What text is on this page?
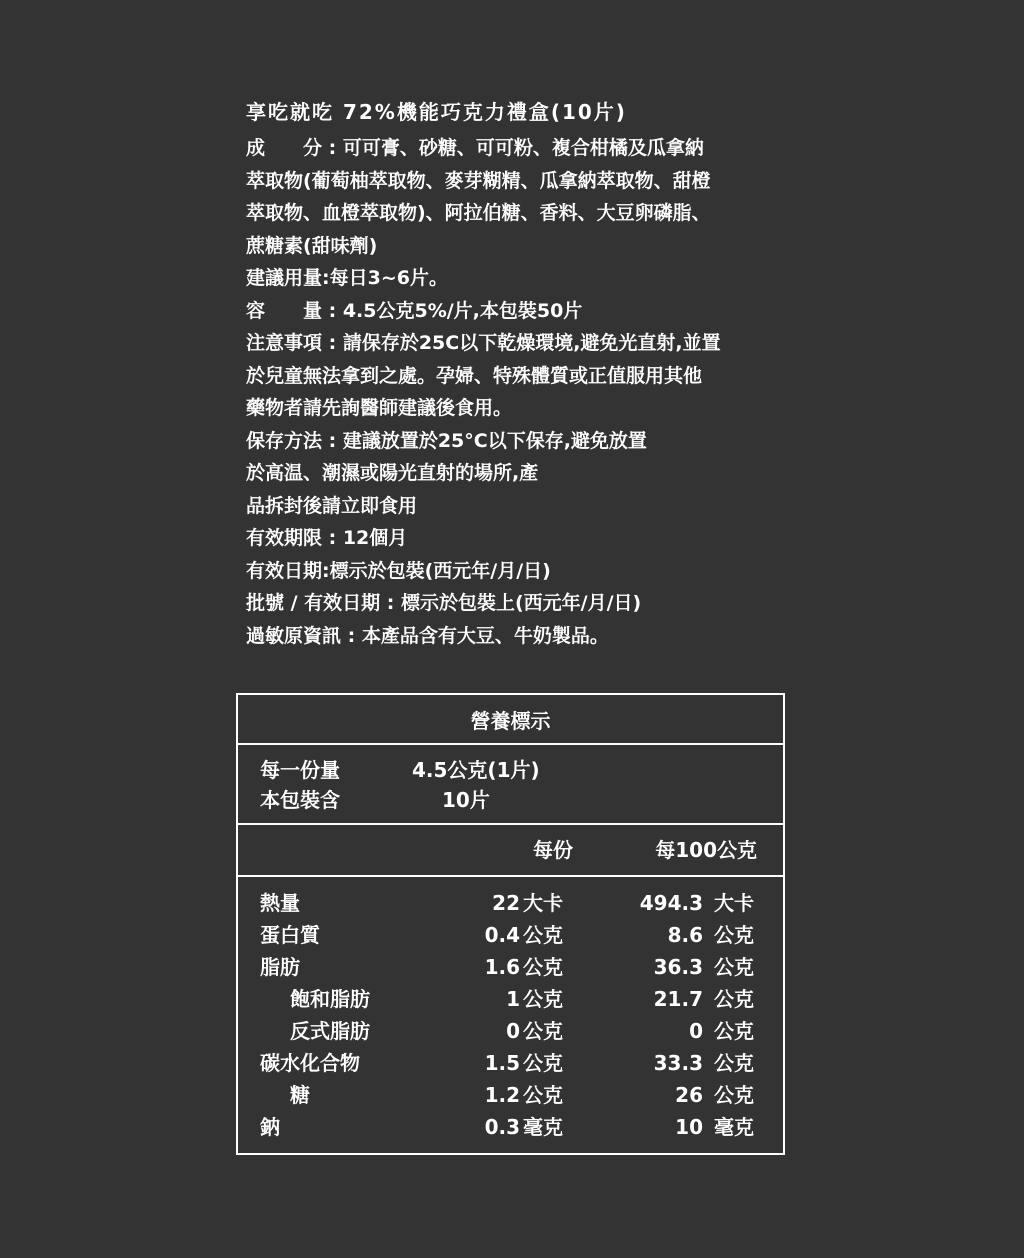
享吃就吃 72%機能巧克力禮盒(10片)
成　　分 : 可可膏、砂糖、可可粉、複合柑橘及瓜拿納
萃取物(葡萄柚萃取物、麥芽糊精、瓜拿納萃取物、甜橙
萃取物、血橙萃取物)、阿拉伯糖、香料、大豆卵磷脂、
蔗糖素(甜味劑)
建議用量:每日3~6片。
容　　量 : 4.5公克5%/片,本包裝50片
注意事項 : 請保存於25C以下乾燥環境,避免光直射,並置
於兒童無法拿到之處。孕婦、特殊體質或正值服用其他
藥物者請先詢醫師建議後食用。
保存方法 : 建議放置於25°C以下保存,避免放置
於高温、潮濕或陽光直射的場所,產
品拆封後請立即食用
有效期限 : 12個月
有效日期:標示於包裝(西元年/月/日)
批號 / 有效日期 : 標示於包裝上(西元年/月/日)
過敏原資訊 : 本產品含有大豆、牛奶製品。
營養標示
每一份量	4.5公克(1片)
本包裝含	10片
每份	每100公克
熱量	22 大卡	494.3 大卡
蛋白質	0.4 公克	8.6 公克
脂肪	1.6 公克	36.3 公克
飽和脂肪	1 公克	21.7 公克
反式脂肪	0 公克	0 公克
碳水化合物	1.5 公克	33.3 公克
糖	1.2 公克	26 公克
鈉	0.3 毫克	10 毫克
